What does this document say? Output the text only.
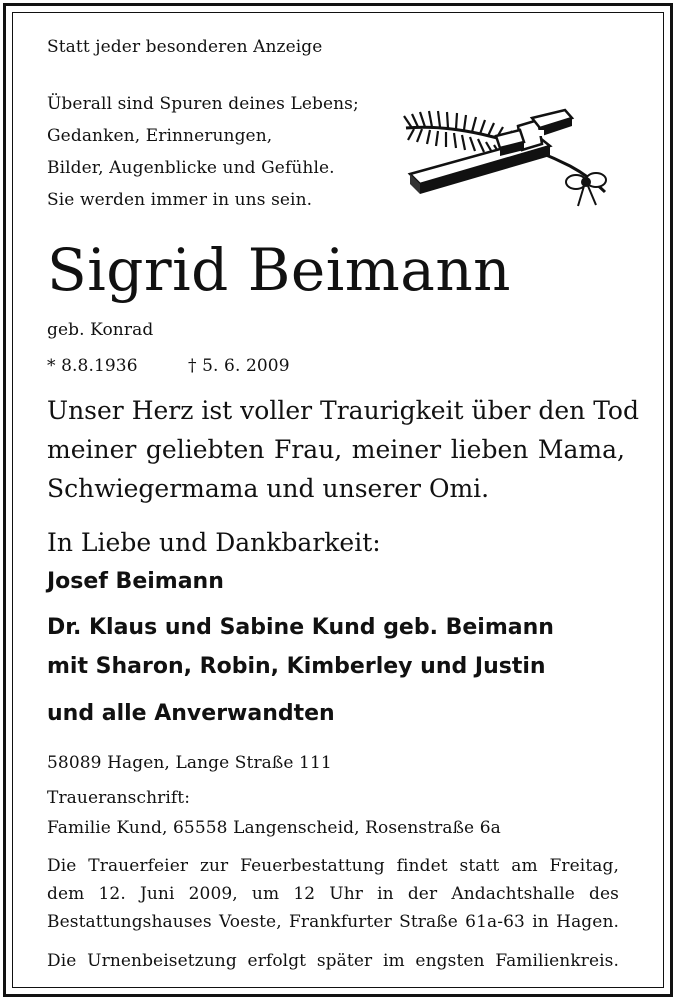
Statt jeder besonderen Anzeige
Überall sind Spuren deines Lebens;
Gedanken, Erinnerungen,
Bilder, Augenblicke und Gefühle.
Sie werden immer in uns sein.
Sigrid Beimann
geb. Konrad
* 8.8.1936	† 5. 6. 2009
Unser Herz ist voller Traurigkeit über den Tod
meiner geliebten Frau, meiner lieben Mama,
Schwiegermama und unserer Omi.
In Liebe und Dankbarkeit:
Josef Beimann
Dr. Klaus und Sabine Kund geb. Beimann
mit Sharon, Robin, Kimberley und Justin
und alle Anverwandten
58089 Hagen, Lange Straße 111
Traueranschrift:
Familie Kund, 65558 Langenscheid, Rosenstraße 6a
Die Trauerfeier zur Feuerbestattung findet statt am Freitag,
dem 12. Juni 2009, um 12 Uhr in der Andachtshalle des
Bestattungshauses Voeste, Frankfurter Straße 61a-63 in Hagen.
Die Urnenbeisetzung erfolgt später im engsten Familienkreis.
